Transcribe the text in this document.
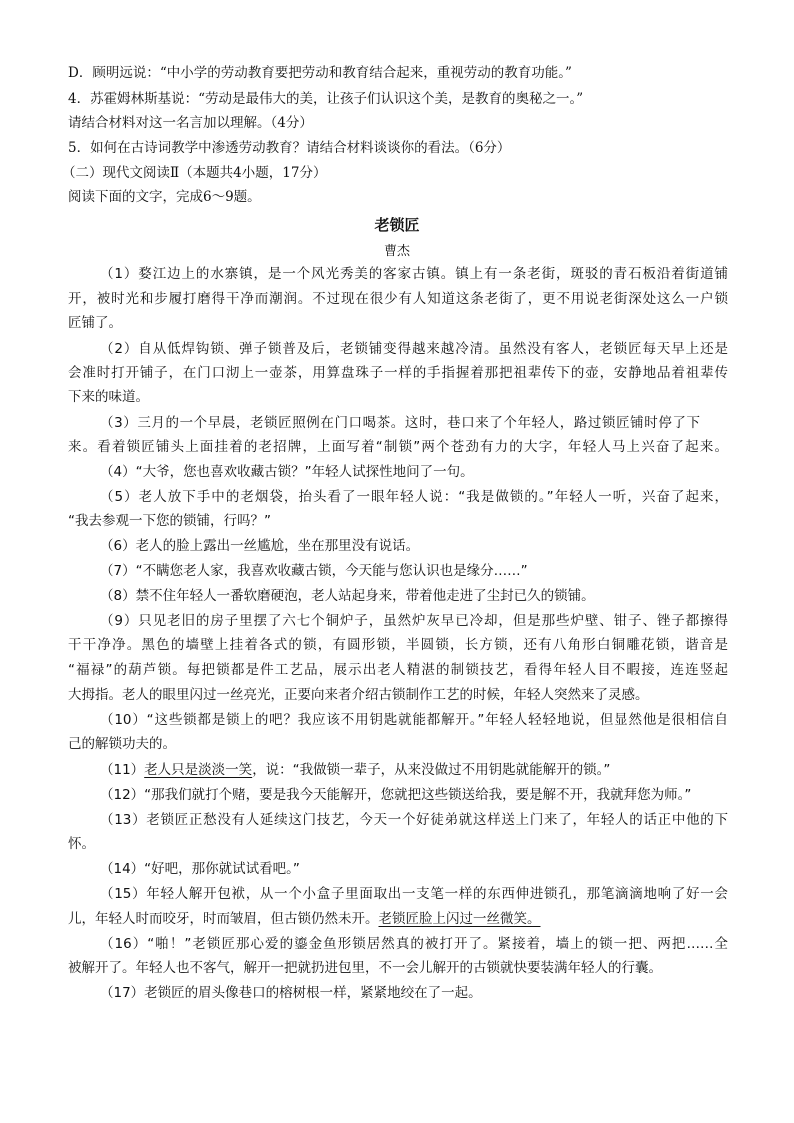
D．顾明远说：“中小学的劳动教育要把劳动和教育结合起来，重视劳动的教育功能。”

4．苏霍姆林斯基说：“劳动是最伟大的美，让孩子们认识这个美，是教育的奥秘之一。”

请结合材料对这一名言加以理解。（4分）

5．如何在古诗词教学中渗透劳动教育？请结合材料谈谈你的看法。（6分）

（二）现代文阅读Ⅱ（本题共4小题，17分）

阅读下面的文字，完成6～9题。

老锁匠

曹杰

（1）婺江边上的水寨镇，是一个风光秀美的客家古镇。镇上有一条老街，斑驳的青石板沿着街道铺

开，被时光和步履打磨得干净而潮润。不过现在很少有人知道这条老街了，更不用说老街深处这么一户锁

匠铺了。

（2）自从低焊钩锁、弹子锁普及后，老锁铺变得越来越冷清。虽然没有客人，老锁匠每天早上还是

会准时打开铺子，在门口沏上一壶茶，用算盘珠子一样的手指握着那把祖辈传下的壶，安静地品着祖辈传

下来的味道。

（3）三月的一个早晨，老锁匠照例在门口喝茶。这时，巷口来了个年轻人，路过锁匠铺时停了下

来。看着锁匠铺头上面挂着的老招牌，上面写着“制锁”两个苍劲有力的大字，年轻人马上兴奋了起来。

（4）“大爷，您也喜欢收藏古锁？”年轻人试探性地问了一句。

（5）老人放下手中的老烟袋，抬头看了一眼年轻人说：“我是做锁的。”年轻人一听，兴奋了起来，

“我去参观一下您的锁铺，行吗？”

（6）老人的脸上露出一丝尴尬，坐在那里没有说话。

（7）“不瞒您老人家，我喜欢收藏古锁，今天能与您认识也是缘分……”

（8）禁不住年轻人一番软磨硬泡，老人站起身来，带着他走进了尘封已久的锁铺。

（9）只见老旧的房子里摆了六七个铜炉子，虽然炉灰早已冷却，但是那些炉壁、钳子、锉子都擦得

干干净净。黑色的墙壁上挂着各式的锁，有圆形锁，半圆锁，长方锁，还有八角形白铜雕花锁，谐音是

“福禄”的葫芦锁。每把锁都是件工艺品，展示出老人精湛的制锁技艺，看得年轻人目不暇接，连连竖起

大拇指。老人的眼里闪过一丝亮光，正要向来者介绍古锁制作工艺的时候，年轻人突然来了灵感。

（10）“这些锁都是锁上的吧？我应该不用钥匙就能都解开。”年轻人轻轻地说，但显然他是很相信自

己的解锁功夫的。

（11）老人只是淡淡一笑，说：“我做锁一辈子，从来没做过不用钥匙就能解开的锁。”

（12）“那我们就打个赌，要是我今天能解开，您就把这些锁送给我，要是解不开，我就拜您为师。”

（13）老锁匠正愁没有人延续这门技艺，今天一个好徒弟就这样送上门来了，年轻人的话正中他的下

怀。

（14）“好吧，那你就试试看吧。”

（15）年轻人解开包袱，从一个小盒子里面取出一支笔一样的东西伸进锁孔，那笔滴滴地响了好一会

儿，年轻人时而咬牙，时而皱眉，但古锁仍然未开。老锁匠脸上闪过一丝微笑。

（16）“啪！”老锁匠那心爱的鎏金鱼形锁居然真的被打开了。紧接着，墙上的锁一把、两把……全

被解开了。年轻人也不客气，解开一把就扔进包里，不一会儿解开的古锁就快要装满年轻人的行囊。

（17）老锁匠的眉头像巷口的榕树根一样，紧紧地绞在了一起。
